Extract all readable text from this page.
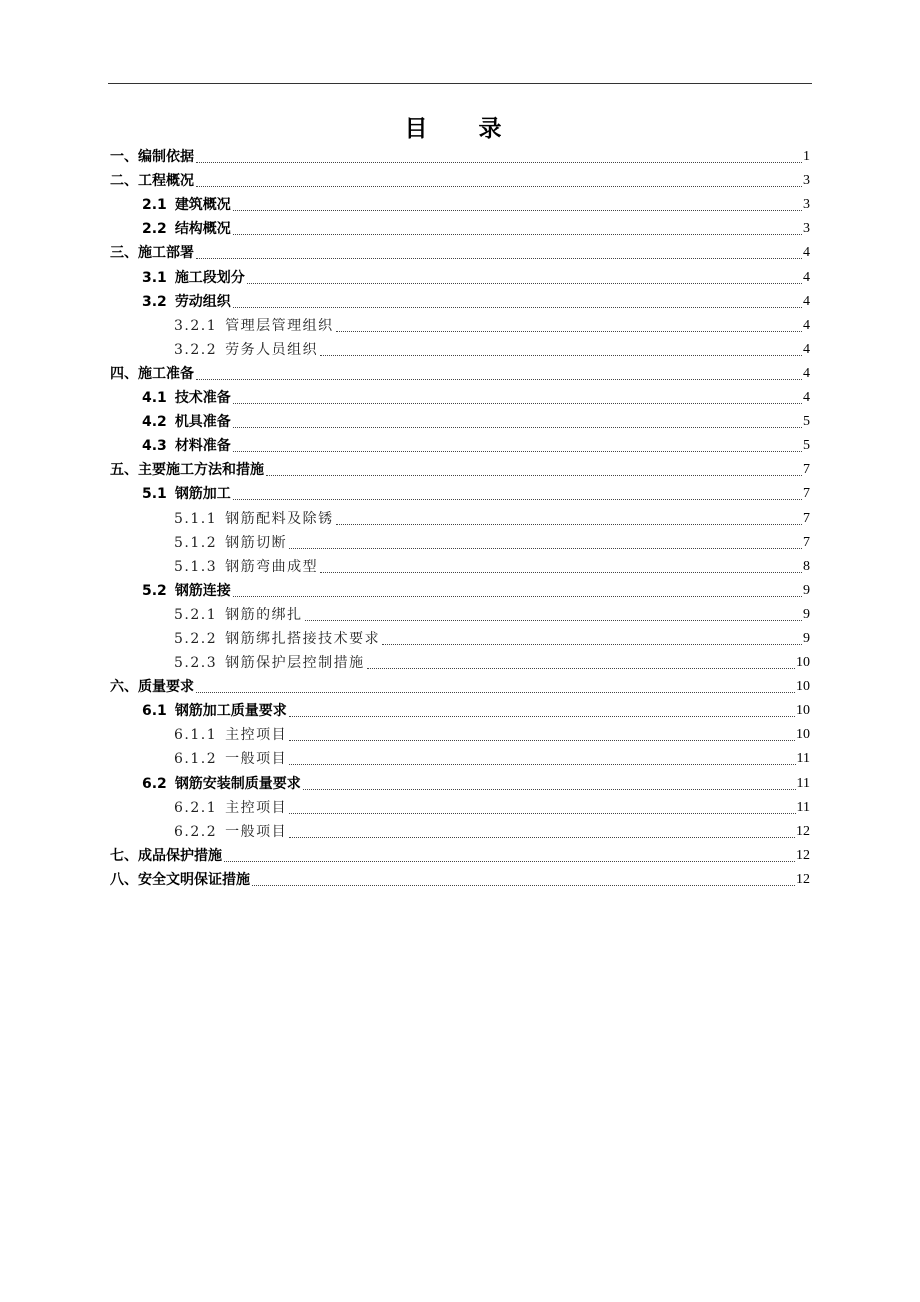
目　录
一、 编制依据	1
二、 工程概况	3
2.1 建筑概况	3
2.2 结构概况	3
三、 施工部署	4
3.1 施工段划分	4
3.2 劳动组织	4
3.2.1 管理层管理组织	4
3.2.2 劳务人员组织	4
四、 施工准备	4
4.1 技术准备	4
4.2 机具准备	5
4.3 材料准备	5
五、 主要施工方法和措施	7
5.1 钢筋加工	7
5.1.1 钢筋配料及除锈	7
5.1.2 钢筋切断	7
5.1.3 钢筋弯曲成型	8
5.2 钢筋连接	9
5.2.1 钢筋的绑扎	9
5.2.2 钢筋绑扎搭接技术要求	9
5.2.3 钢筋保护层控制措施	10
六、 质量要求	10
6.1 钢筋加工质量要求	10
6.1.1 主控项目	10
6.1.2 一般项目	11
6.2 钢筋安装制质量要求	11
6.2.1 主控项目	11
6.2.2 一般项目	12
七、 成品保护措施	12
八、 安全文明保证措施	12
